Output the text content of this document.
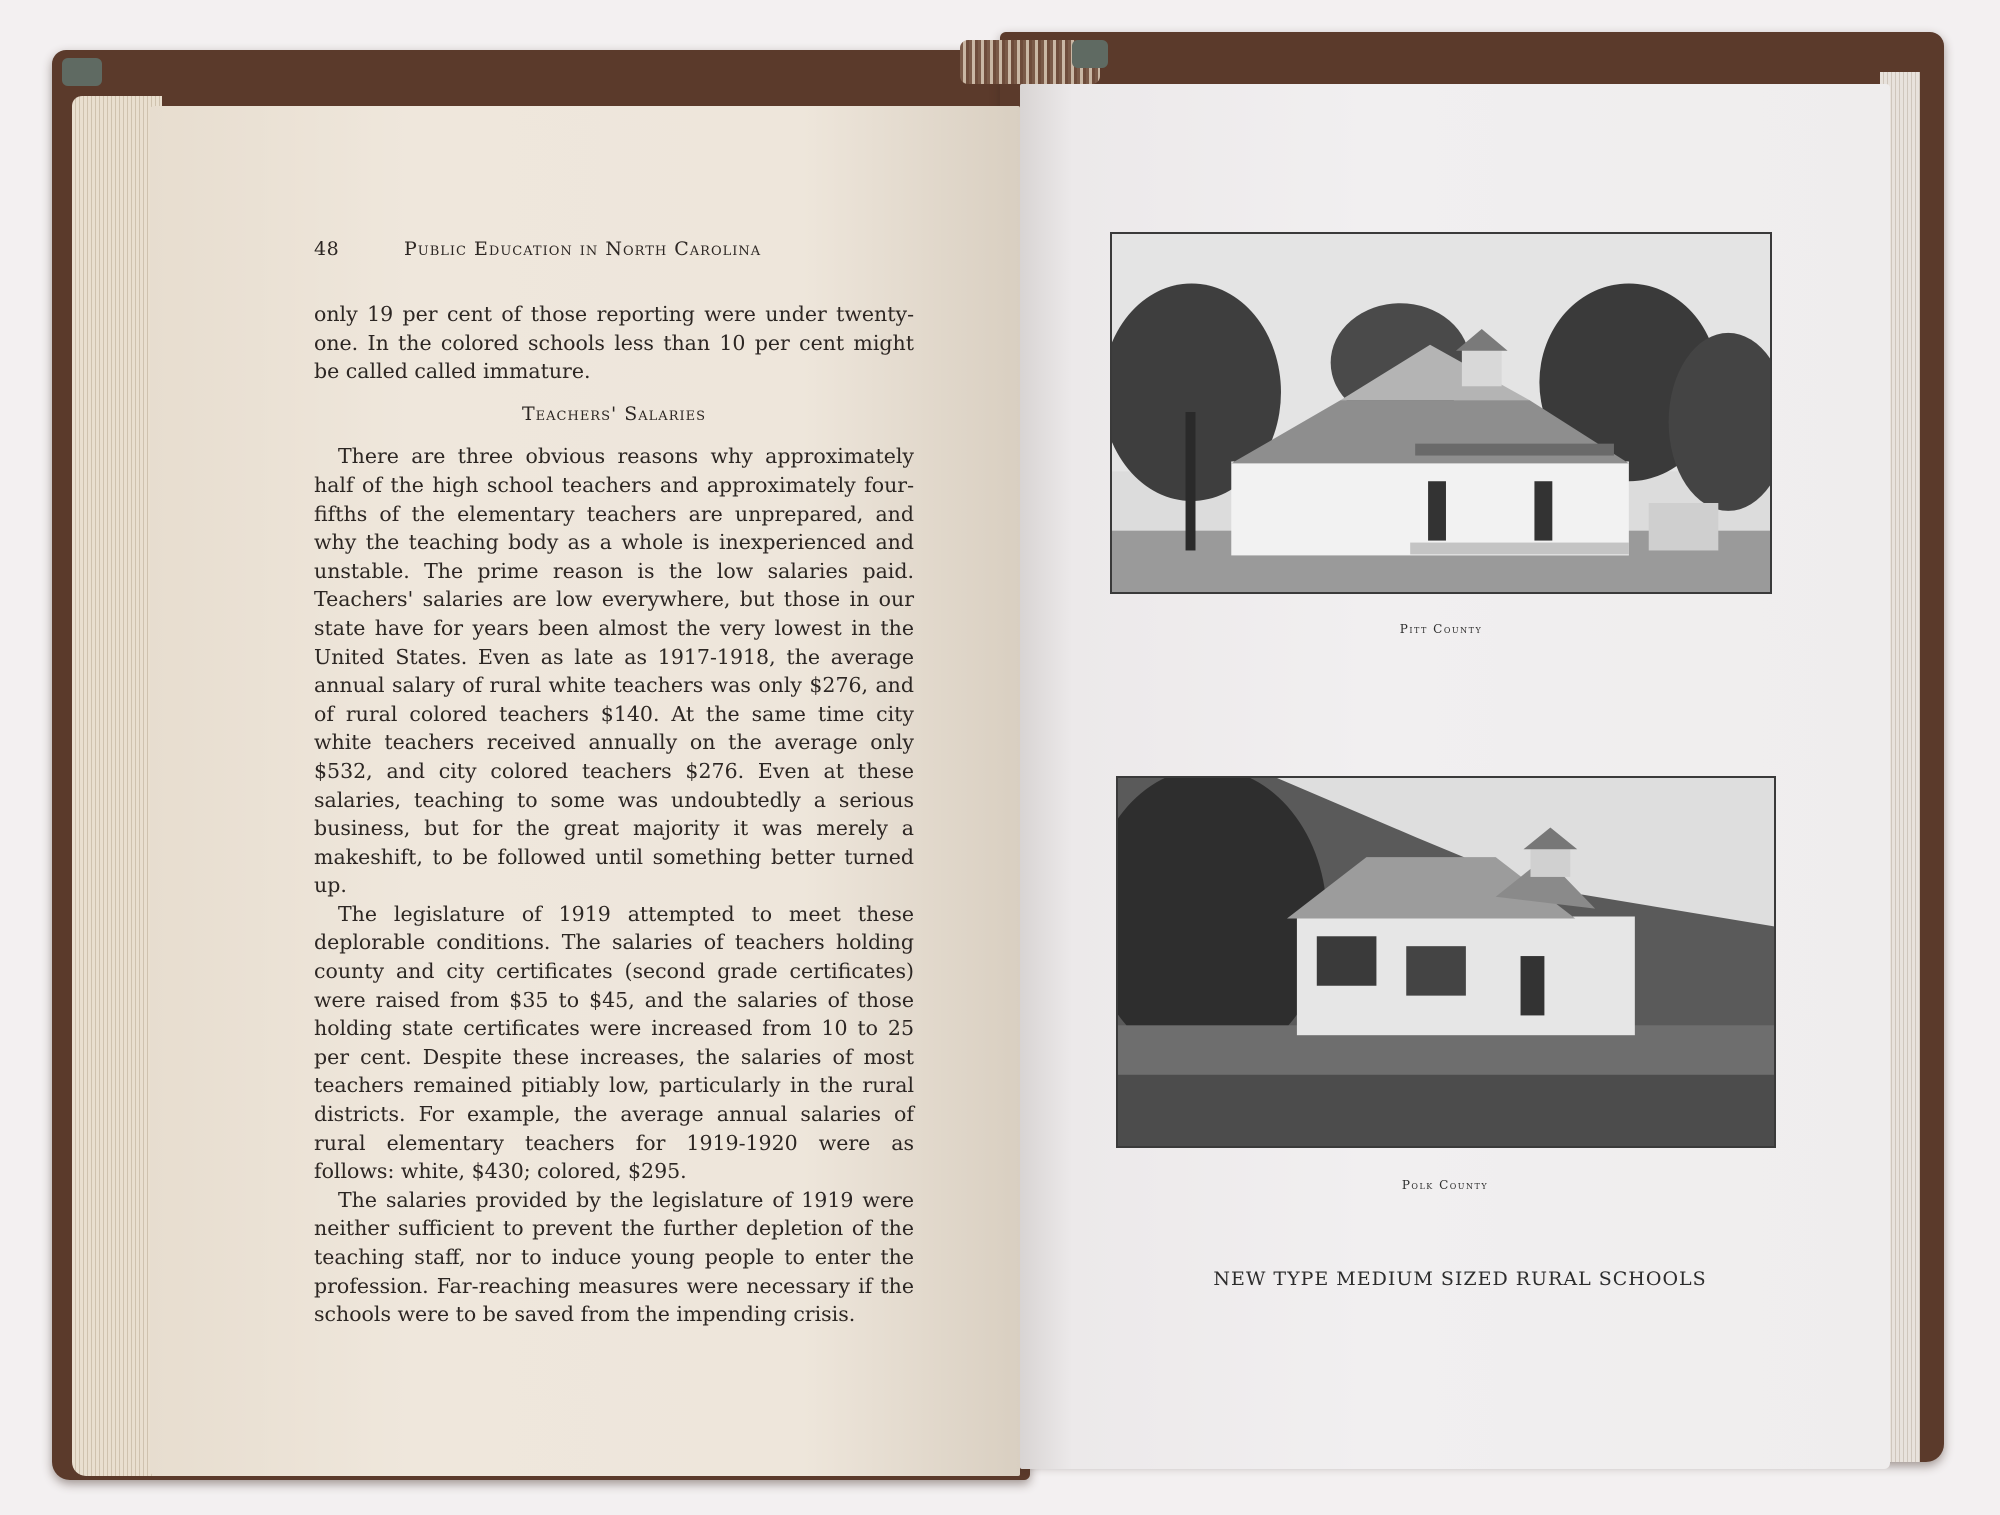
48	Public Education in North Carolina

only 19 per cent of those reporting were under twenty-one. In the colored schools less than 10 per cent might be called called immature.

Teachers' Salaries

There are three obvious reasons why approximately half of the high school teachers and approximately four-fifths of the elementary teachers are unprepared, and why the teaching body as a whole is inexperienced and unstable. The prime reason is the low salaries paid. Teachers' salaries are low everywhere, but those in our state have for years been almost the very lowest in the United States. Even as late as 1917-1918, the average annual salary of rural white teachers was only $276, and of rural colored teachers $140. At the same time city white teachers received annually on the average only $532, and city colored teachers $276. Even at these salaries, teaching to some was undoubtedly a serious business, but for the great majority it was merely a makeshift, to be followed until something better turned up.

The legislature of 1919 attempted to meet these deplorable conditions. The salaries of teachers holding county and city certificates (second grade certificates) were raised from $35 to $45, and the salaries of those holding state certificates were increased from 10 to 25 per cent. Despite these increases, the salaries of most teachers remained pitiably low, particularly in the rural districts. For example, the average annual salaries of rural elementary teachers for 1919-1920 were as follows: white, $430; colored, $295.

The salaries provided by the legislature of 1919 were neither sufficient to prevent the further depletion of the teaching staff, nor to induce young people to enter the profession. Far-reaching measures were necessary if the schools were to be saved from the impending crisis.

Pitt County
Polk County
NEW TYPE MEDIUM SIZED RURAL SCHOOLS
